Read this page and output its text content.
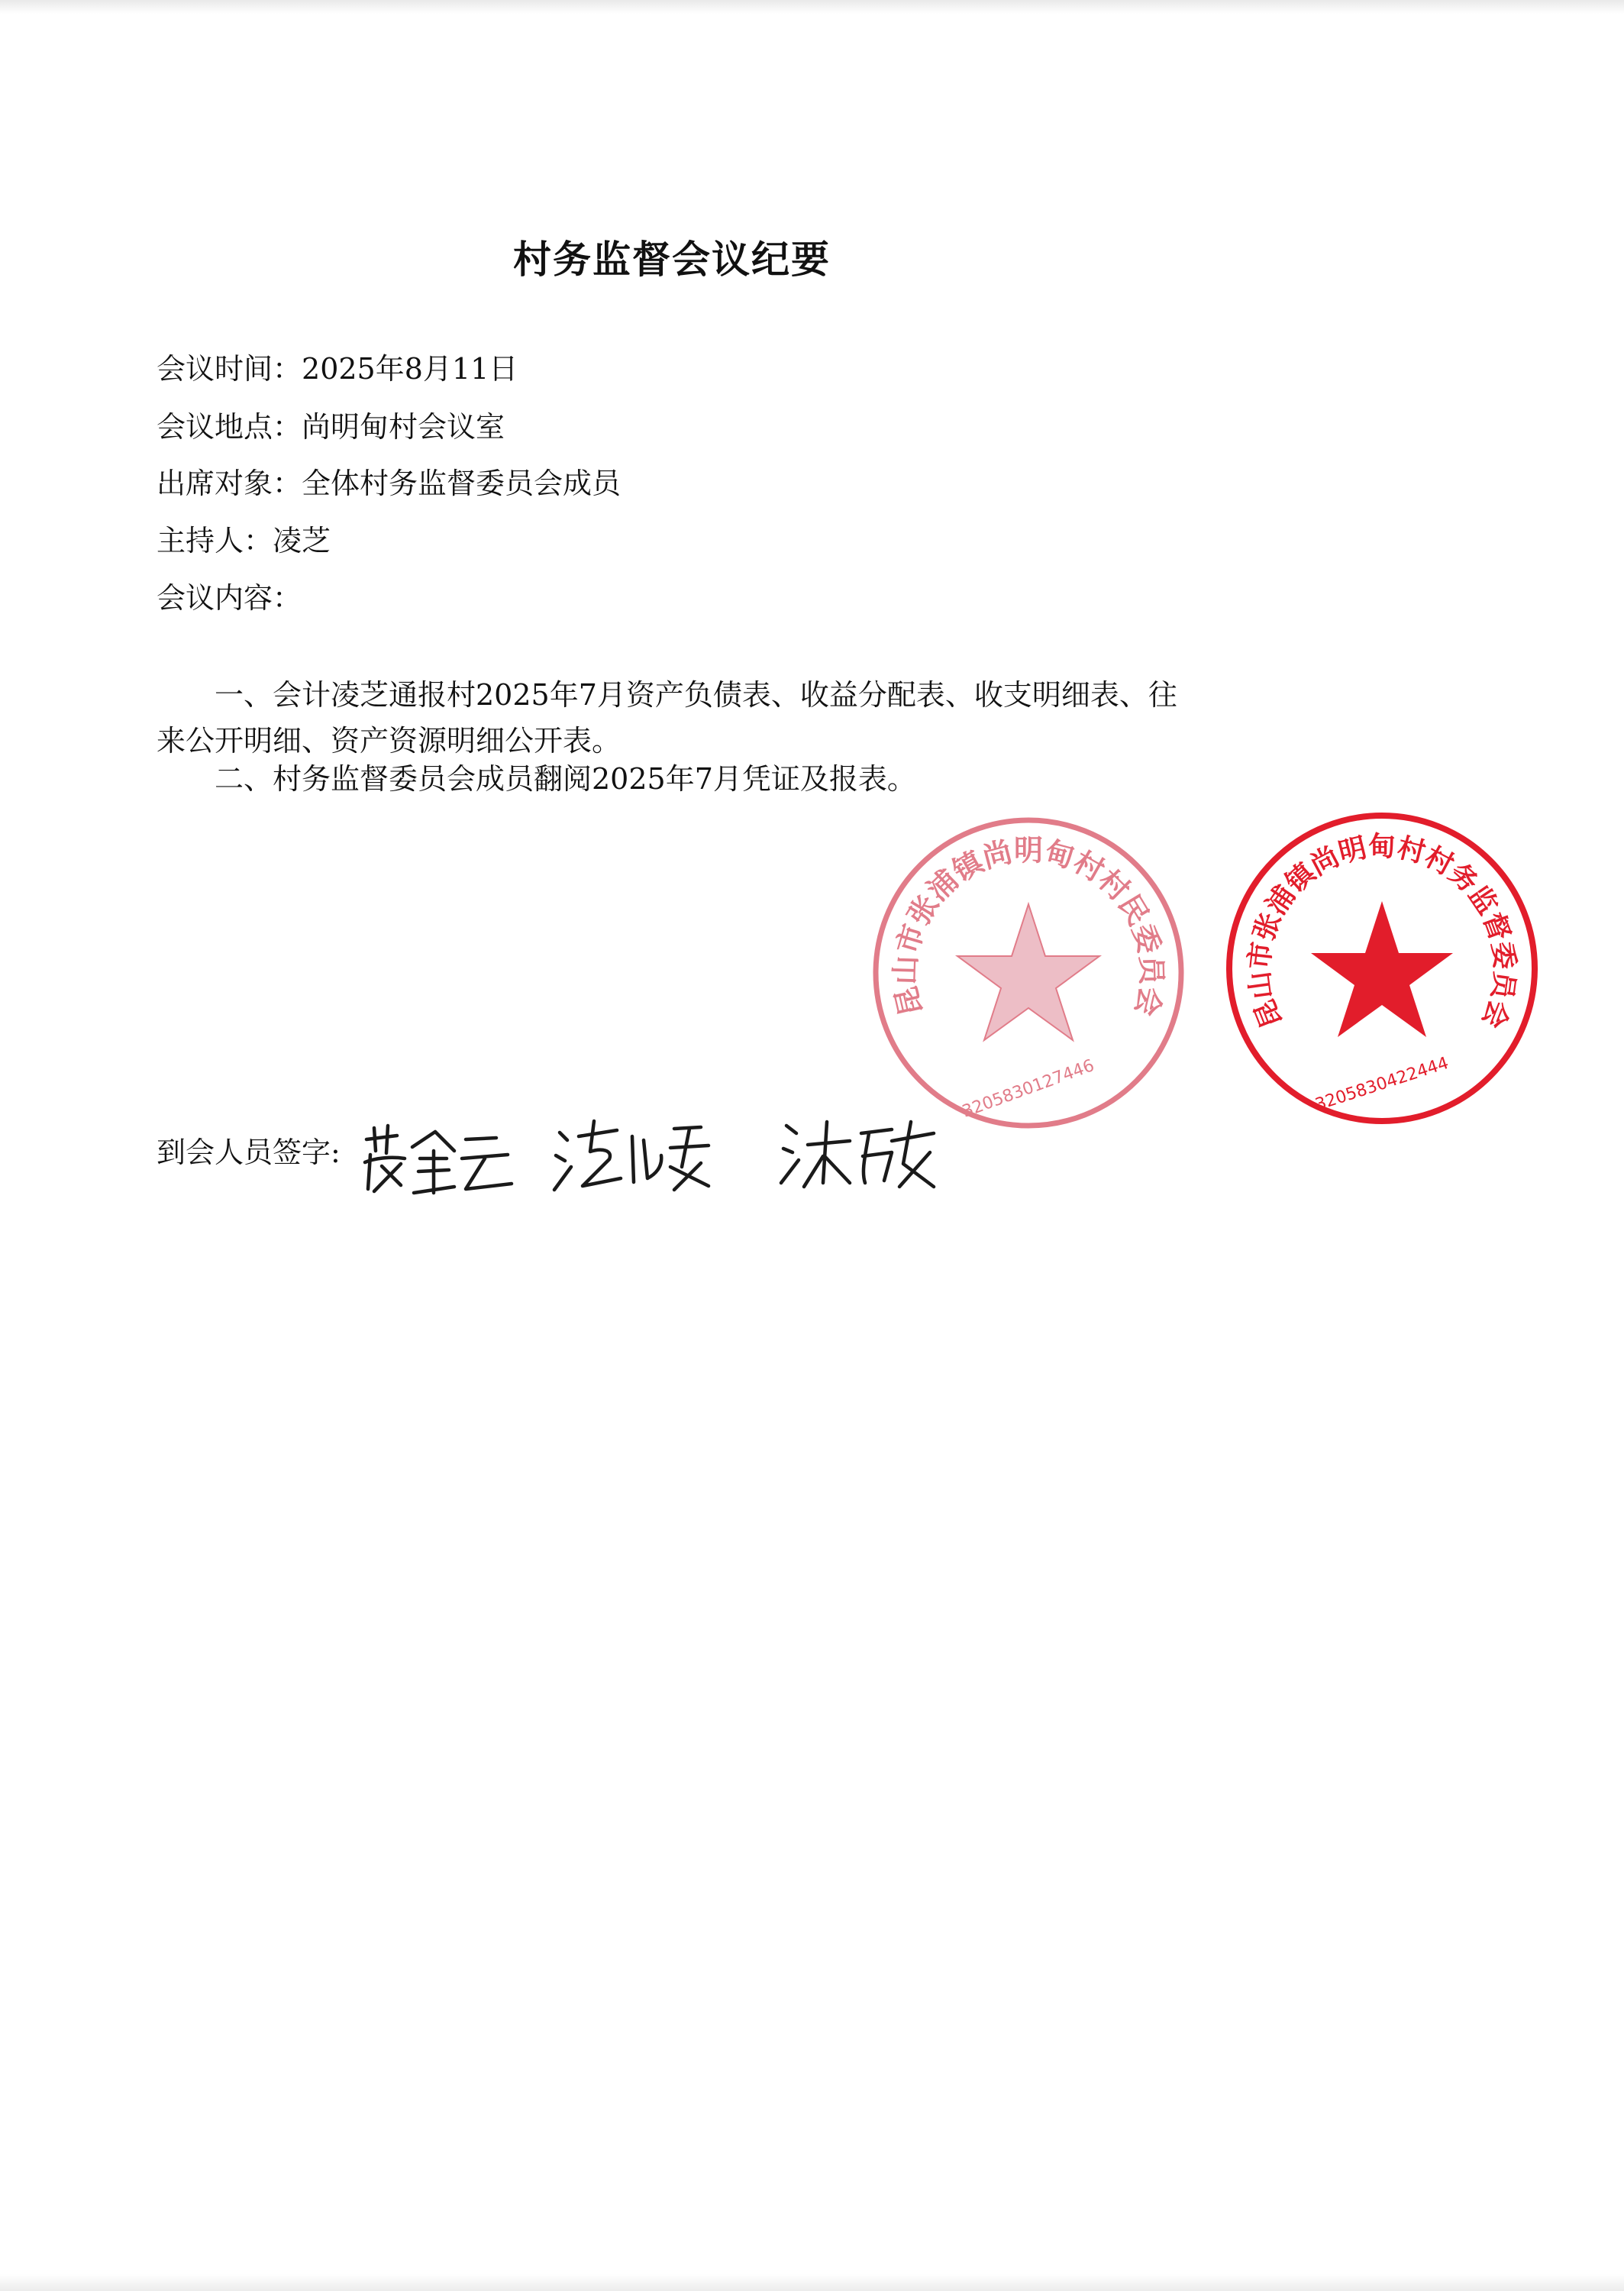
村务监督会议纪要
会议时间：2025年8月11日
会议地点：尚明甸村会议室
出席对象：全体村务监督委员会成员
主持人：凌芝
会议内容：

一、会计凌芝通报村2025年7月资产负债表、收益分配表、收支明细表、往来公开明细、资产资源明细公开表。

二、村务监督委员会成员翻阅2025年7月凭证及报表。

昆山市张浦镇尚明甸村村民委员会
3205830127446
昆山市张浦镇尚明甸村村务监督委员会
3205830422444
到会人员签字:
